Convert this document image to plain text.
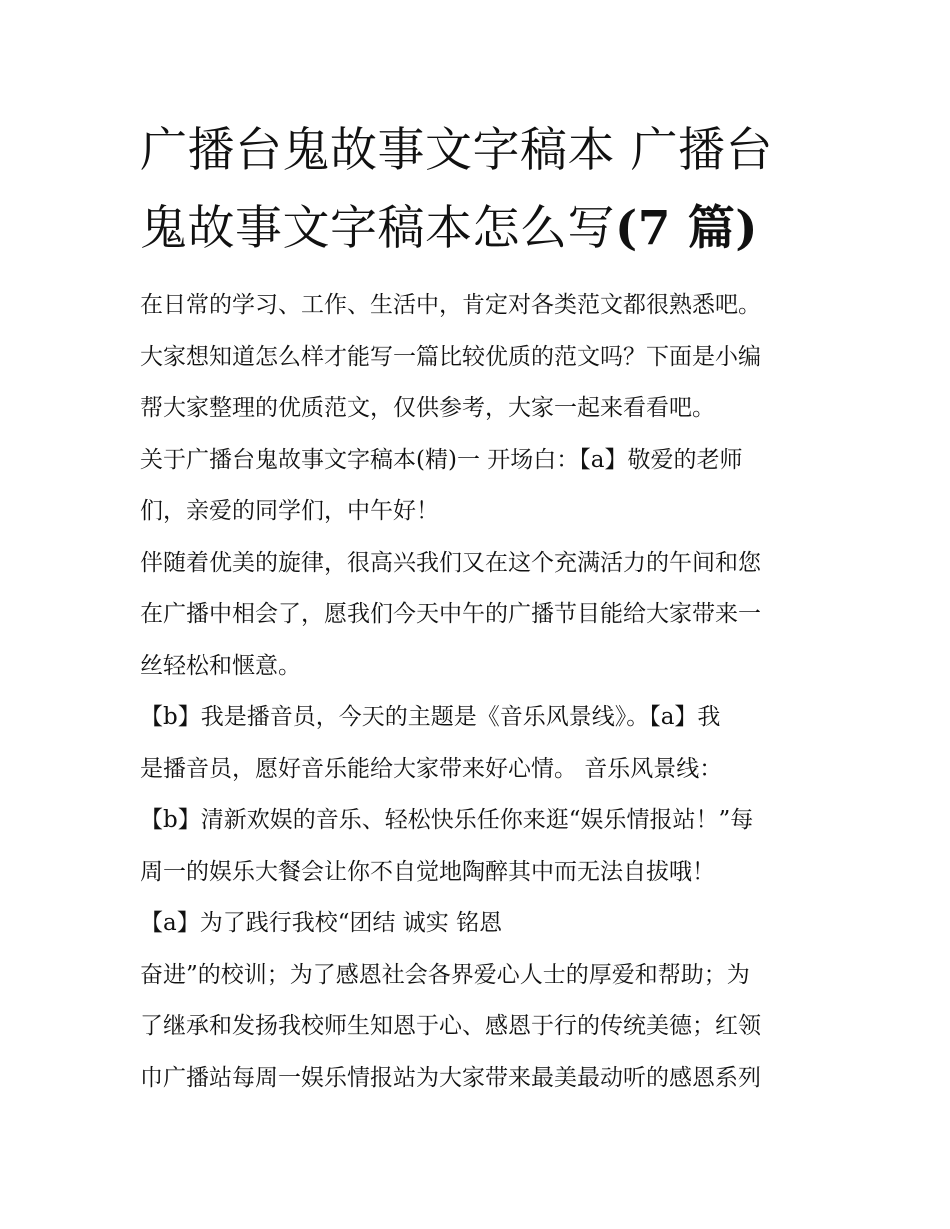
广播台鬼故事文字稿本 广播台
鬼故事文字稿本怎么写(7 篇)

在日常的学习、工作、生活中，肯定对各类范文都很熟悉吧。

大家想知道怎么样才能写一篇比较优质的范文吗？下面是小编

帮大家整理的优质范文，仅供参考，大家一起来看看吧。

关于广播台鬼故事文字稿本(精)一 开场白：【a】敬爱的老师

们，亲爱的同学们，中午好！

伴随着优美的旋律，很高兴我们又在这个充满活力的午间和您

在广播中相会了，愿我们今天中午的广播节目能给大家带来一

丝轻松和惬意。

【b】我是播音员，今天的主题是《音乐风景线》。【a】我

是播音员，愿好音乐能给大家带来好心情。 音乐风景线：

【b】清新欢娱的音乐、轻松快乐任你来逛“娱乐情报站！”每

周一的娱乐大餐会让你不自觉地陶醉其中而无法自拔哦！

【a】为了践行我校“团结 诚实 铭恩

奋进”的校训；为了感恩社会各界爱心人士的厚爱和帮助；为

了继承和发扬我校师生知恩于心、感恩于行的传统美德；红领

巾广播站每周一娱乐情报站为大家带来最美最动听的感恩系列
